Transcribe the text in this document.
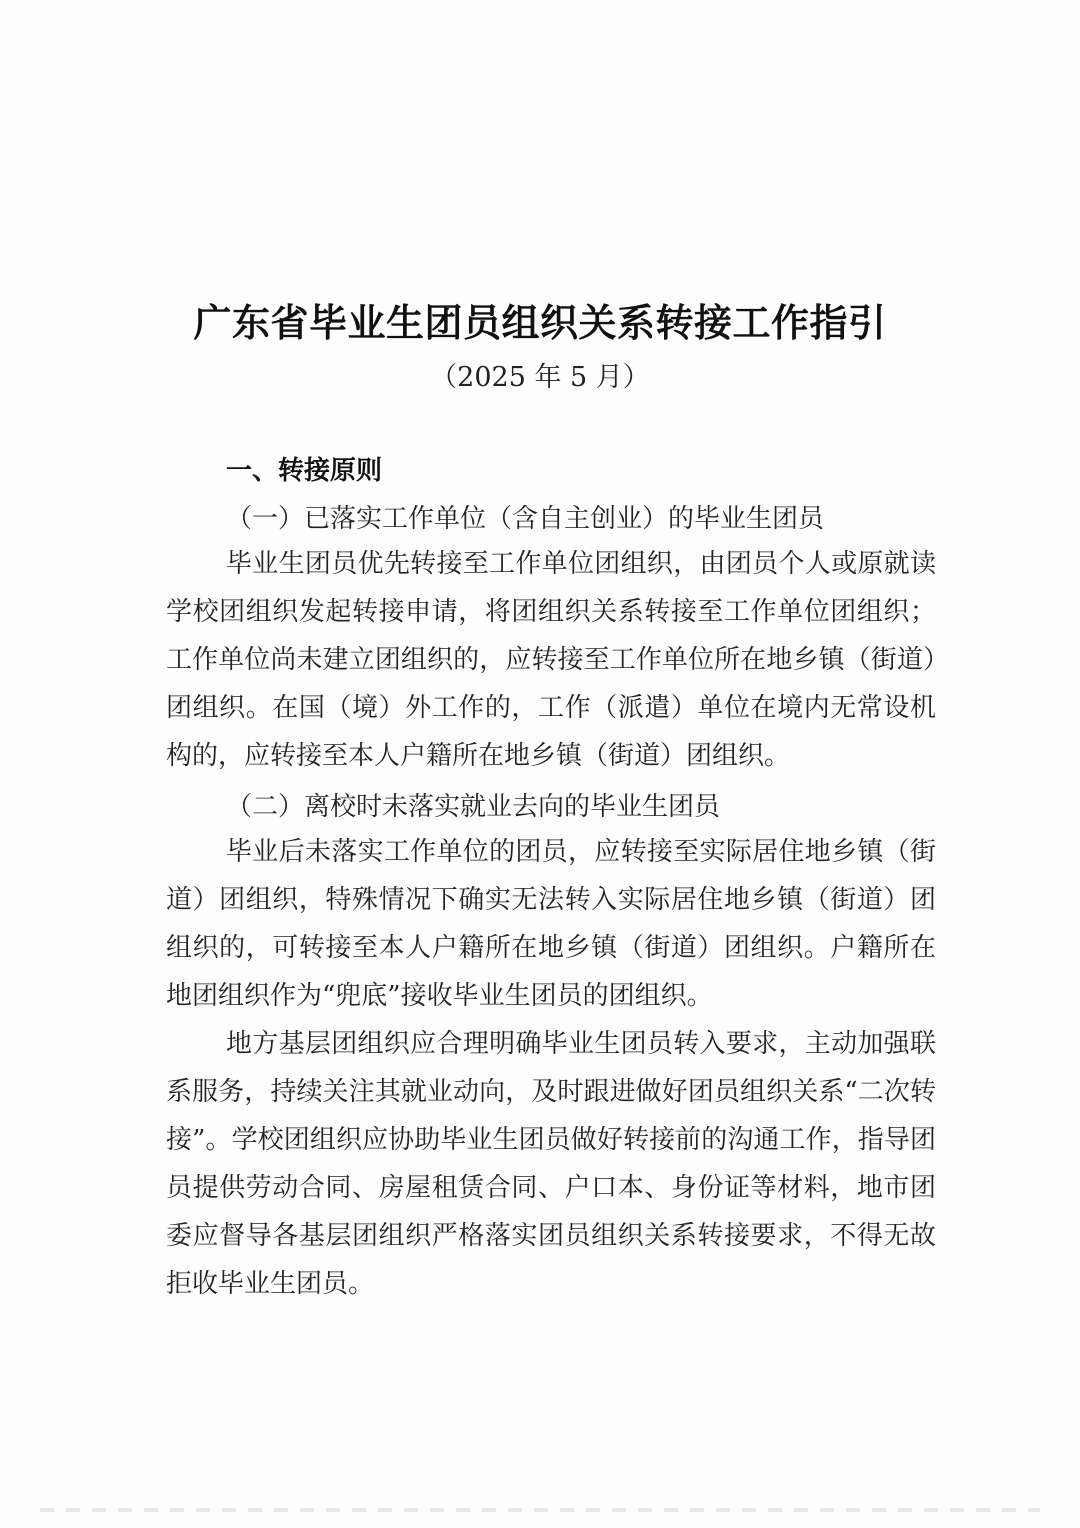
广东省毕业生团员组织关系转接工作指引
（2025 年 5 月）
一、转接原则
（一）已落实工作单位（含自主创业）的毕业生团员

毕业生团员优先转接至工作单位团组织，由团员个人或原就读学校团组织发起转接申请，将团组织关系转接至工作单位团组织；工作单位尚未建立团组织的，应转接至工作单位所在地乡镇（街道）团组织。在国（境）外工作的，工作（派遣）单位在境内无常设机构的，应转接至本人户籍所在地乡镇（街道）团组织。

（二）离校时未落实就业去向的毕业生团员

毕业后未落实工作单位的团员，应转接至实际居住地乡镇（街道）团组织，特殊情况下确实无法转入实际居住地乡镇（街道）团组织的，可转接至本人户籍所在地乡镇（街道）团组织。户籍所在地团组织作为“兜底”接收毕业生团员的团组织。

地方基层团组织应合理明确毕业生团员转入要求，主动加强联系服务，持续关注其就业动向，及时跟进做好团员组织关系“二次转接”。学校团组织应协助毕业生团员做好转接前的沟通工作，指导团员提供劳动合同、房屋租赁合同、户口本、身份证等材料，地市团委应督导各基层团组织严格落实团员组织关系转接要求，不得无故拒收毕业生团员。
